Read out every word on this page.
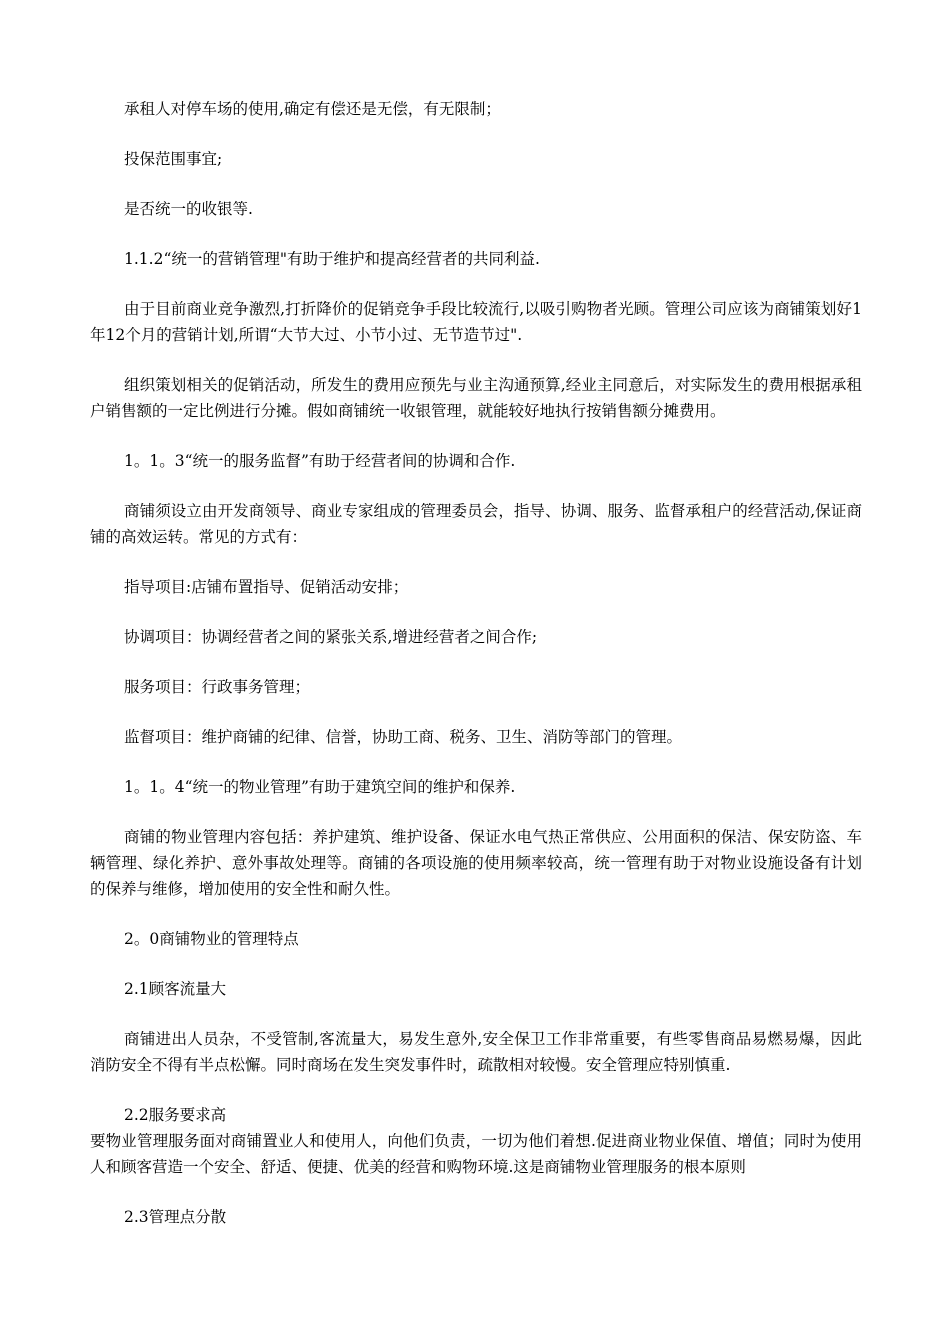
承租人对停车场的使用,确定有偿还是无偿，有无限制；

投保范围事宜;

是否统一的收银等.

1.1.2“统一的营销管理"有助于维护和提高经营者的共同利益.

由于目前商业竞争激烈,打折降价的促销竞争手段比较流行,以吸引购物者光顾。管理公司应该为商铺策划好1年12个月的营销计划,所谓“大节大过、小节小过、无节造节过".

组织策划相关的促销活动，所发生的费用应预先与业主沟通预算,经业主同意后，对实际发生的费用根据承租户销售额的一定比例进行分摊。假如商铺统一收银管理，就能较好地执行按销售额分摊费用。

1。1。3“统一的服务监督”有助于经营者间的协调和合作.

商铺须设立由开发商领导、商业专家组成的管理委员会，指导、协调、服务、监督承租户的经营活动,保证商铺的高效运转。常见的方式有：

指导项目:店铺布置指导、促销活动安排；

协调项目：协调经营者之间的紧张关系,增进经营者之间合作;

服务项目：行政事务管理；

监督项目：维护商铺的纪律、信誉，协助工商、税务、卫生、消防等部门的管理。

1。1。4“统一的物业管理”有助于建筑空间的维护和保养.

商铺的物业管理内容包括：养护建筑、维护设备、保证水电气热正常供应、公用面积的保洁、保安防盗、车辆管理、绿化养护、意外事故处理等。商铺的各项设施的使用频率较高，统一管理有助于对物业设施设备有计划的保养与维修，增加使用的安全性和耐久性。

2。0商铺物业的管理特点

2.1顾客流量大

商铺进出人员杂，不受管制,客流量大，易发生意外,安全保卫工作非常重要，有些零售商品易燃易爆，因此消防安全不得有半点松懈。同时商场在发生突发事件时，疏散相对较慢。安全管理应特别慎重.

2.2服务要求高

要物业管理服务面对商铺置业人和使用人，向他们负责，一切为他们着想.促进商业物业保值、增值；同时为使用人和顾客营造一个安全、舒适、便捷、优美的经营和购物环境.这是商铺物业管理服务的根本原则

2.3管理点分散
